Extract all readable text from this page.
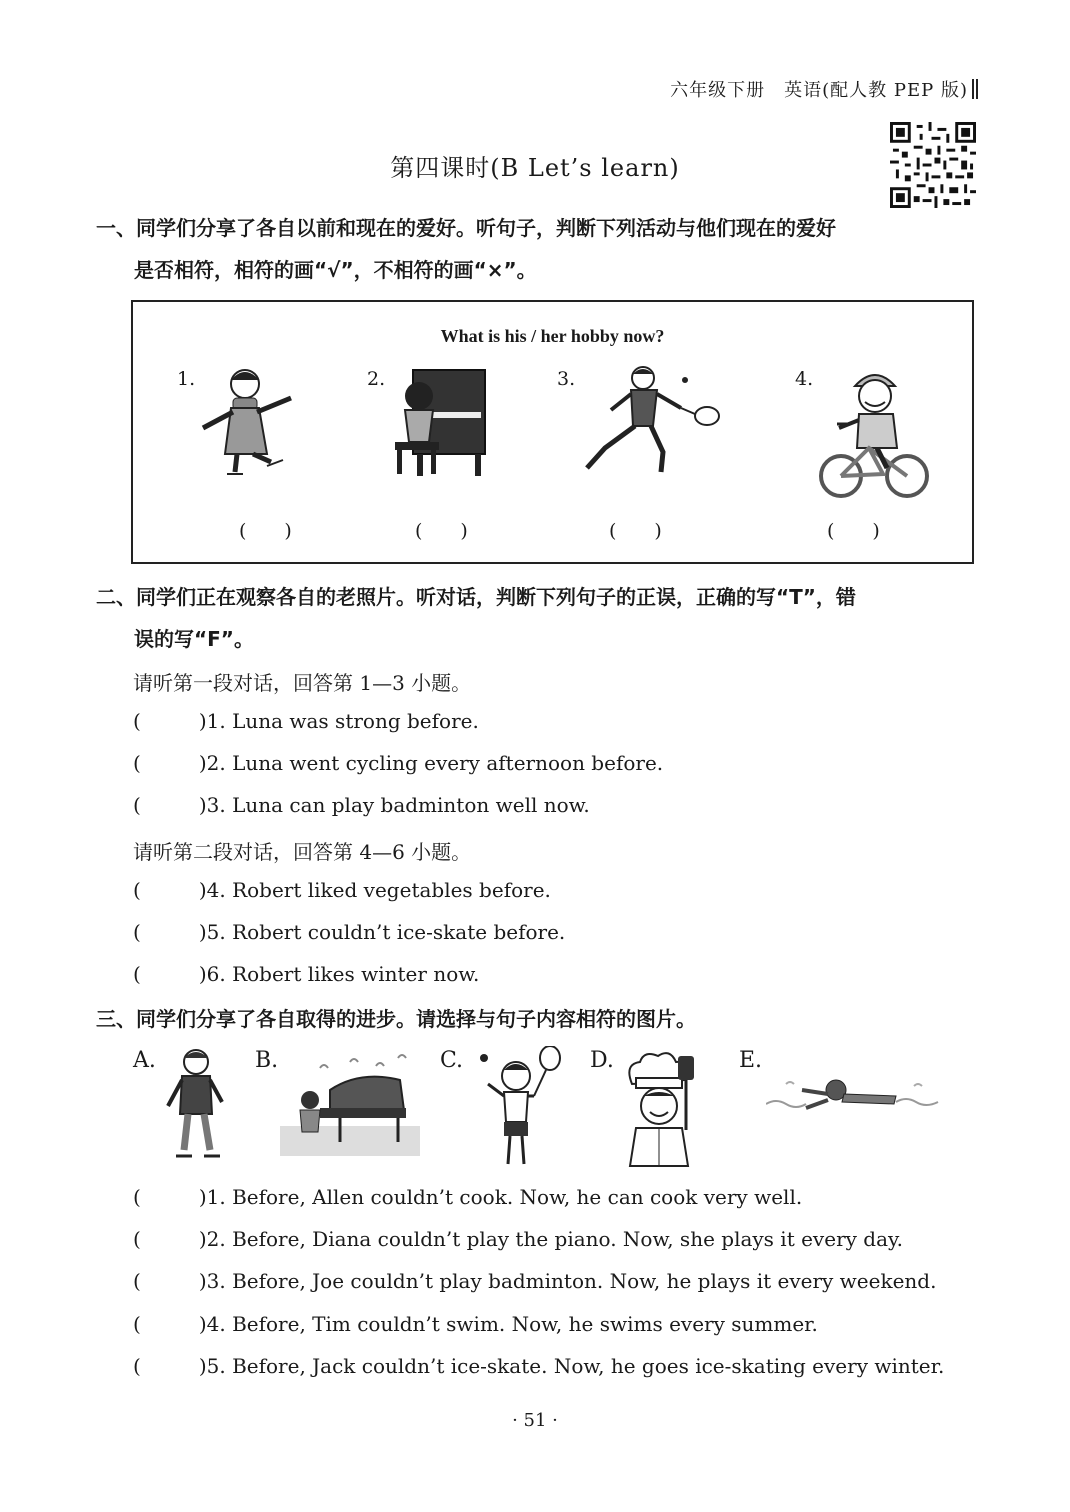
六年级下册　英语(配人教 PEP 版)
第四课时(B Let’s learn)
一、同学们分享了各自以前和现在的爱好。听句子，判断下列活动与他们现在的爱好
是否相符，相符的画“√”，不相符的画“×”。
What is his / her hobby now?
1.
(　　)
2.
(　　)
3.
(　　)
4.
(　　)
二、同学们正在观察各自的老照片。听对话，判断下列句子的正误，正确的写“T”，错
误的写“F”。
请听第一段对话，回答第 1—3 小题。
(	)1. Luna was strong before.
(	)2. Luna went cycling every afternoon before.
(	)3. Luna can play badminton well now.
请听第二段对话，回答第 4—6 小题。
(	)4. Robert liked vegetables before.
(	)5. Robert couldn’t ice-skate before.
(	)6. Robert likes winter now.
三、同学们分享了各自取得的进步。请选择与句子内容相符的图片。
A.	B.	C.	D.	E.
(	)1. Before, Allen couldn’t cook. Now, he can cook very well.
(	)2. Before, Diana couldn’t play the piano. Now, she plays it every day.
(	)3. Before, Joe couldn’t play badminton. Now, he plays it every weekend.
(	)4. Before, Tim couldn’t swim. Now, he swims every summer.
(	)5. Before, Jack couldn’t ice-skate. Now, he goes ice-skating every winter.
· 51 ·
